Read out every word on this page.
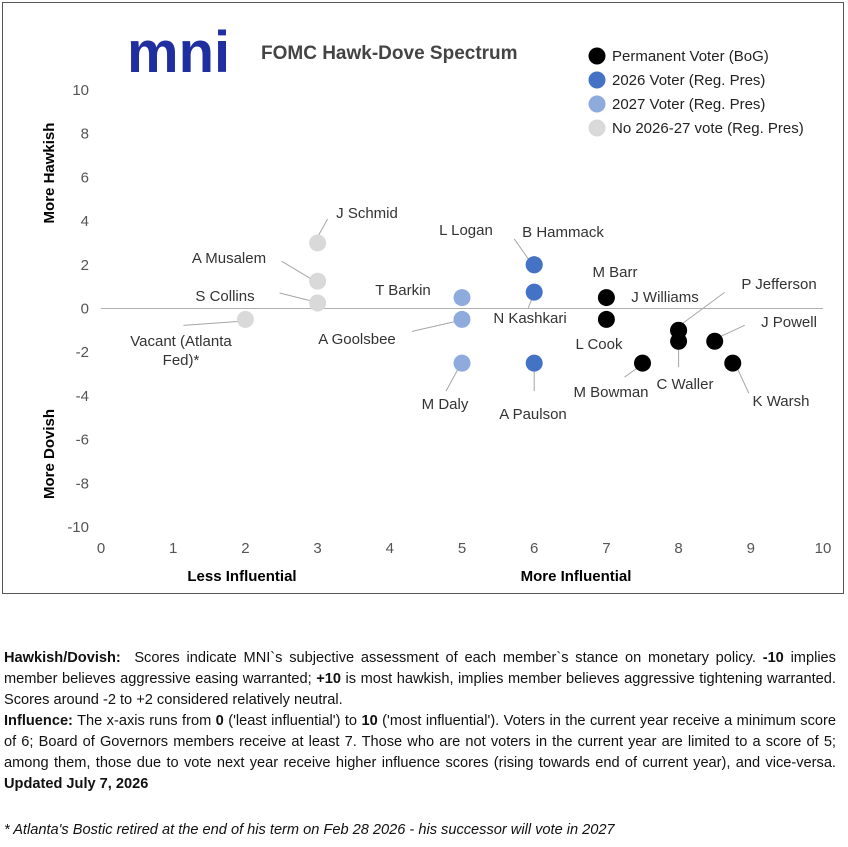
mni FOMC Hawk-Dove Spectrum
0	1	2	3	4	5	6	7	8	9	10
-10
-8
-6
-4
-2
0
2
4
6
8
10
M Barr
L Cook
M Bowman
J Williams
C Waller
P Jefferson
J Powell
K Warsh
L Logan B Hammack
N Kashkari
A Paulson
T Barkin
A Goolsbee
M Daly
J Schmid
A Musalem
S Collins
Vacant (Atlanta Fed)*
Permanent Voter (BoG)
2026 Voter (Reg. Pres)
2027 Voter (Reg. Pres)
No 2026-27 vote (Reg. Pres)
Less Influential	More Influential
More Hawkish
More Dovish

Hawkish/Dovish: Scores indicate MNI`s subjective assessment of each member`s stance on monetary policy. -10 implies member believes aggressive easing warranted; +10 is most hawkish, implies member believes aggressive tightening warranted. Scores around -2 to +2 considered relatively neutral.

Influence: The x-axis runs from 0 ('least influential') to 10 ('most influential'). Voters in the current year receive a minimum score of 6; Board of Governors members receive at least 7. Those who are not voters in the current year are limited to a score of 5; among them, those due to vote next year receive higher influence scores (rising towards end of current year), and vice-versa. Updated July 7, 2026

* Atlanta's Bostic retired at the end of his term on Feb 28 2026 - his successor will vote in 2027
